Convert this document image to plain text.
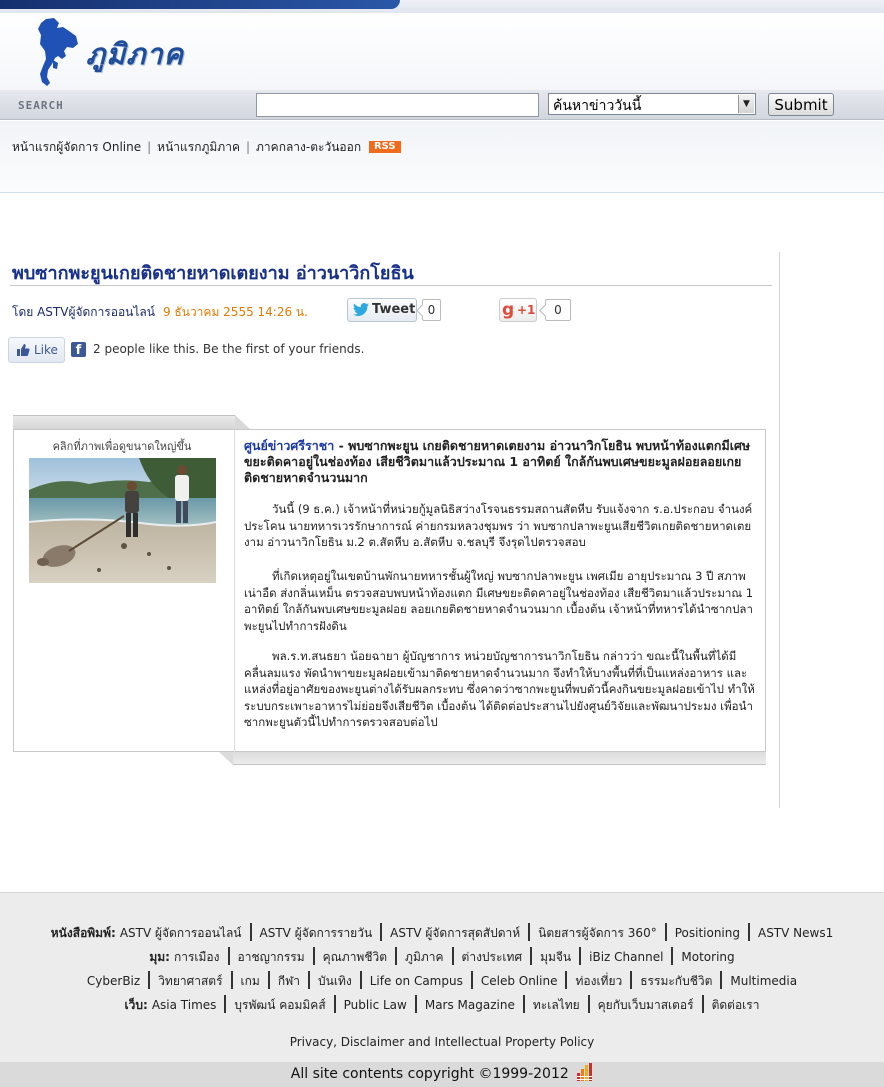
ภูมิภาค
SEARCH	ค้นหาข่าววันนี้	▼	Submit
หน้าแรกผู้จัดการ Online | หน้าแรกภูมิภาค | ภาคกลาง-ตะวันออก RSS
พบซากพะยูนเกยติดชายหาดเตยงาม อ่าวนาวิกโยธิน
โดย ASTVผู้จัดการออนไลน์ 9 ธันวาคม 2555 14:26 น.	Tweet	0	g +1	0
Like	f 2 people like this. Be the first of your friends.
คลิกที่ภาพเพื่อดูขนาดใหญ่ขึ้น	ศูนย์ข่าวศรีราชา - พบซากพะยูน เกยติดชายหาดเตยงาม อ่าวนาวิกโยธิน พบหน้าท้องแตกมีเศษขยะติดคาอยู่ในช่องท้อง เสียชีวิตมาแล้วประมาณ 1 อาทิตย์ ใกล้กันพบเศษขยะมูลฝอยลอยเกยติดชายหาดจำนวนมาก

วันนี้ (9 ธ.ค.) เจ้าหน้าที่หน่วยกู้มูลนิธิสว่างโรจนธรรมสถานสัตหีบ รับแจ้งจาก ร.อ.ประกอบ จำนงค์ประโคน นายทหารเวรรักษาการณ์ ค่ายกรมหลวงชุมพร ว่า พบซากปลาพะยูนเสียชีวิตเกยติดชายหาดเตยงาม อ่าวนาวิกโยธิน ม.2 ต.สัตหีบ อ.สัตหีบ จ.ชลบุรี จึงรุดไปตรวจสอบ

ที่เกิดเหตุอยู่ในเขตบ้านพักนายทหารชั้นผู้ใหญ่ พบซากปลาพะยูน เพศเมีย อายุประมาณ 3 ปี สภาพเน่าอืด ส่งกลิ่นเหม็น ตรวจสอบพบหน้าท้องแตก มีเศษขยะติดคาอยู่ในช่องท้อง เสียชีวิตมาแล้วประมาณ 1 อาทิตย์ ใกล้กันพบเศษขยะมูลฝอย ลอยเกยติดชายหาดจำนวนมาก เบื้องต้น เจ้าหน้าที่ทหารได้นำซากปลาพะยูนไปทำการฝังดิน

พล.ร.ท.สนธยา น้อยฉายา ผู้บัญชาการ หน่วยบัญชาการนาวิกโยธิน กล่าวว่า ขณะนี้ในพื้นที่ได้มีคลื่นลมแรง พัดนำพาขยะมูลฝอยเข้ามาติดชายหาดจำนวนมาก จึงทำให้บางพื้นที่ที่เป็นแหล่งอาหาร และแหล่งที่อยู่อาศัยของพะยูนต่างได้รับผลกระทบ ซึ่งคาดว่าซากพะยูนที่พบตัวนี้คงกินขยะมูลฝอยเข้าไป ทำให้ระบบกระเพาะอาหารไม่ย่อยจึงเสียชีวิต เบื้องต้น ได้ติดต่อประสานไปยังศูนย์วิจัยและพัฒนาประมง เพื่อนำซากพะยูนตัวนี้ไปทำการตรวจสอบต่อไป

หนังสือพิมพ์: ASTV ผู้จัดการออนไลน์ ASTV ผู้จัดการรายวัน ASTV ผู้จัดการสุดสัปดาห์ นิตยสารผู้จัดการ 360° Positioning ASTV News1
มุม: การเมือง อาชญากรรม คุณภาพชีวิต ภูมิภาค ต่างประเทศ มุมจีน iBiz Channel Motoring
CyberBiz วิทยาศาสตร์ เกม กีฬา บันเทิง Life on Campus Celeb Online ท่องเที่ยว ธรรมะกับชีวิต Multimedia
เว็บ: Asia Times บุรพัฒน์ คอมมิคส์ Public Law Mars Magazine ทะเลไทย คุยกับเว็บมาสเตอร์ ติดต่อเรา
Privacy, Disclaimer and Intellectual Property Policy
All site contents copyright ©1999-2012
